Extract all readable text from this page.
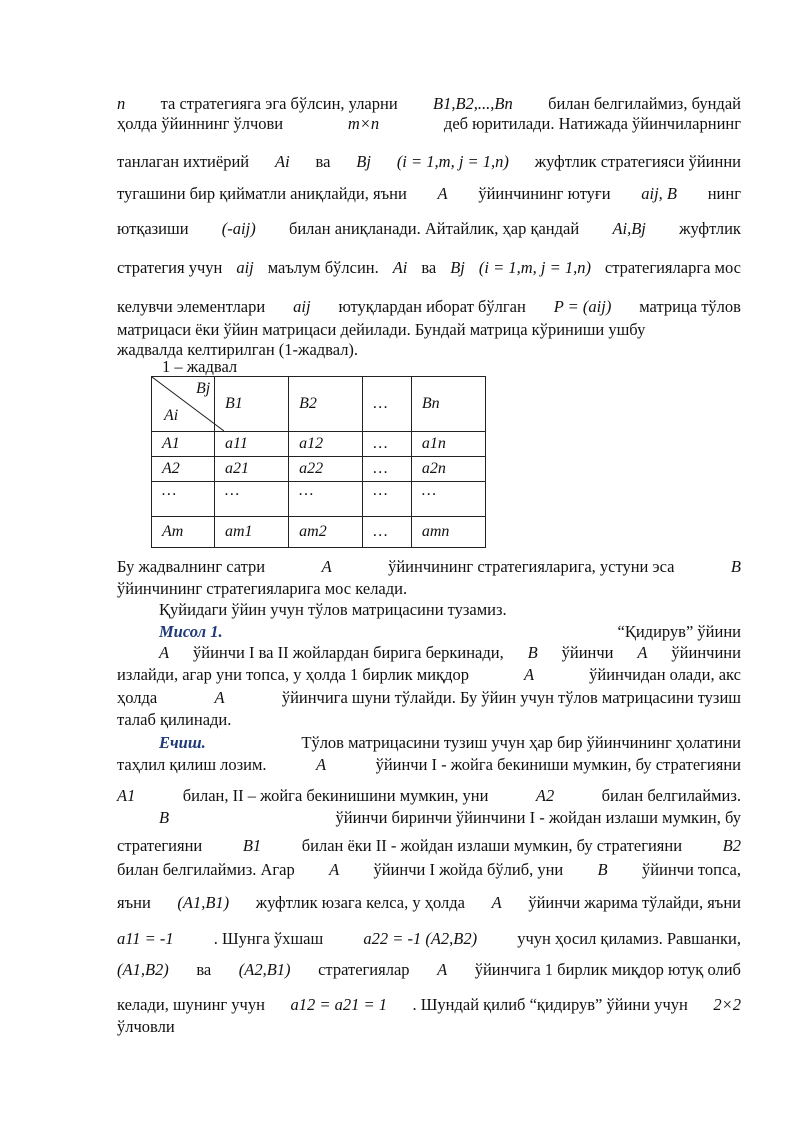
1 – жадвал
Bj
Ai	B1	B2	…	Bn
A1	a11	a12	…	a1n
A2	a21	a22	…	a2n
…	…	…	…	…
Am	am1	am2	…	amn
n та стратегияга эга бўлсин, уларни B1,B2,...,Bn билан белгилаймиз, бундай
ҳолда ўйиннинг ўлчови	m×n	деб юритилади. Натижада ўйинчиларнинг
танлаган ихтиёрий Ai ва Bj (i = 1,m, j = 1,n) жуфтлик стратегияси ўйинни
тугашини бир қийматли аниқлайди, яъни A ўйинчининг ютуғи aij, B нинг
ютқазиши (-aij) билан аниқланади. Айтайлик, ҳар қандай Ai,Bj жуфтлик
стратегия учун aij маълум бўлсин. Ai ва Bj (i = 1,m, j = 1,n) стратегияларга мос
келувчи элементлари aij ютуқлардан иборат бўлган P = (aij) матрица тўлов
матрицаси ёки ўйин матрицаси дейилади. Бундай матрица кўриниши ушбу
жадвалда келтирилган (1-жадвал).
Бу жадвалнинг сатри	A	ўйинчининг стратегияларига, устуни эса	B
ўйинчининг стратегияларига мос келади.
Қуйидаги ўйин учун тўлов матрицасини тузамиз.
Мисол 1.	“Қидирув” ўйини
A ўйинчи I ва II жойлардан бирига беркинади, B ўйинчи A ўйинчини
излайди, агар уни топса, у ҳолда 1 бирлик миқдор	A	ўйинчидан олади, акс
ҳолда	A	ўйинчига шуни тўлайди. Бу ўйин учун тўлов матрицасини тузиш
талаб қилинади.
Ечиш.	Тўлов матрицасини тузиш учун ҳар бир ўйинчининг ҳолатини
таҳлил қилиш лозим.	A	ўйинчи I - жойга бекиниши мумкин, бу стратегияни
A1	билан, II – жойга бекинишини мумкин, уни	A2	билан белгилаймиз.
B	ўйинчи биринчи ўйинчини I - жойдан излаши мумкин, бу
стратегияни B1 билан ёки II - жойдан излаши мумкин, бу стратегияни B2
билан белгилаймиз. Агар A ўйинчи I жойда бўлиб, уни B ўйинчи топса,
яъни (A1,B1) жуфтлик юзага келса, у ҳолда A ўйинчи жарима тўлайди, яъни
a11 = -1 . Шунга ўхшаш a22 = -1 (A2,B2) учун ҳосил қиламиз. Равшанки,
(A1,B2) ва (A2,B1) стратегиялар A ўйинчига 1 бирлик миқдор ютуқ олиб
келади, шунинг учун a12 = a21 = 1 . Шундай қилиб “қидирув” ўйини учун 2×2
ўлчовли
